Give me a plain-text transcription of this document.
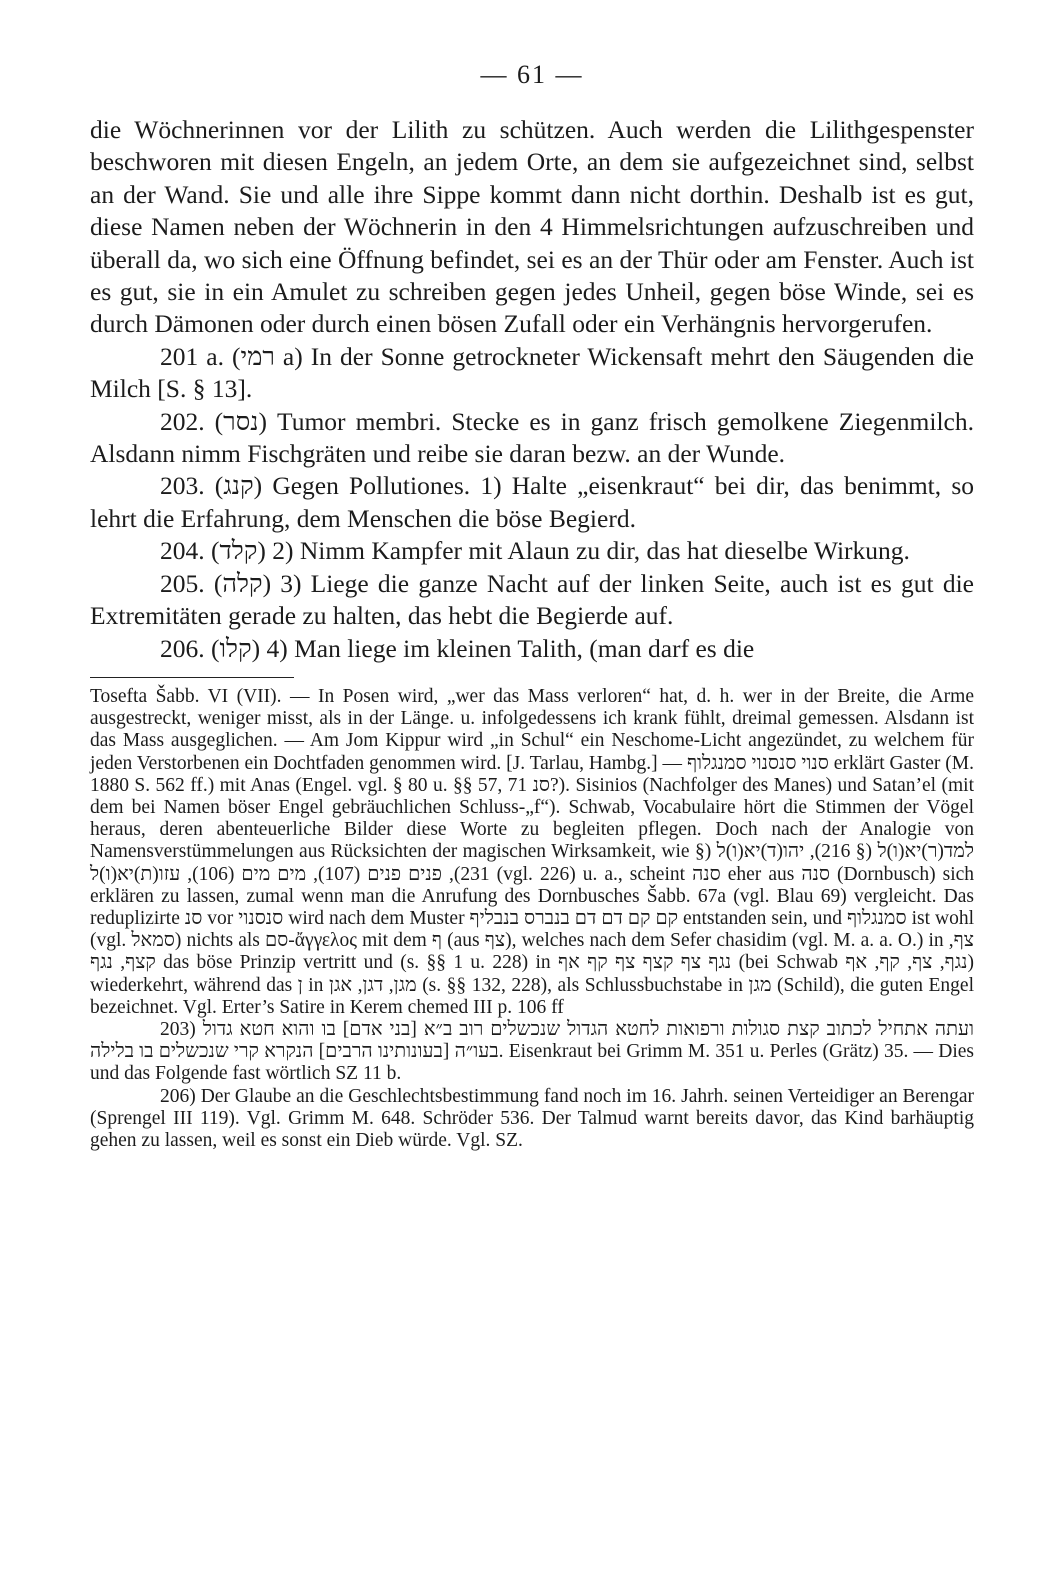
— 61 —

die Wöchnerinnen vor der Lilith zu schützen. Auch werden die Lilithgespenster beschworen mit diesen Engeln, an jedem Orte, an dem sie aufgezeichnet sind, selbst an der Wand. Sie und alle ihre Sippe kommt dann nicht dorthin. Deshalb ist es gut, diese Namen neben der Wöchnerin in den 4 Himmelsrichtungen aufzuschreiben und überall da, wo sich eine Öffnung befindet, sei es an der Thür oder am Fenster. Auch ist es gut, sie in ein Amulet zu schreiben gegen jedes Unheil, gegen böse Winde, sei es durch Dämonen oder durch einen bösen Zufall oder ein Verhängnis hervorgerufen.

201 a. (רמי a) In der Sonne getrockneter Wickensaft mehrt den Säugenden die Milch [S. § 13].

202. (נסר) Tumor membri. Stecke es in ganz frisch gemolkene Ziegenmilch. Alsdann nimm Fischgräten und reibe sie daran bezw. an der Wunde.

203. (קנג) Gegen Pollutiones. 1) Halte „eisenkraut“ bei dir, das benimmt, so lehrt die Erfahrung, dem Menschen die böse Begierd.

204. (קלד) 2) Nimm Kampfer mit Alaun zu dir, das hat dieselbe Wirkung.

205. (קלה) 3) Liege die ganze Nacht auf der linken Seite, auch ist es gut die Extremitäten gerade zu halten, das hebt die Begierde auf.

206. (קלו) 4) Man liege im kleinen Talith, (man darf es die

Tosefta Šabb. VI (VII). — In Posen wird, „wer das Mass verloren“ hat, d. h. wer in der Breite, die Arme ausgestreckt, weniger misst, als in der Länge. u. infolgedessens ich krank fühlt, dreimal gemessen. Alsdann ist das Mass ausgeglichen. — Am Jom Kippur wird „in Schul“ ein Neschome-Licht angezündet, zu welchem für jeden Verstorbenen ein Dochtfaden genommen wird. [J. Tarlau, Hambg.] — סנוי סנסנוי סמנגלוף erklärt Gaster (M. 1880 S. 562 ff.) mit Anas (Engel. vgl. § 80 u. §§ 57, 71 סנ?). Sisinios (Nachfolger des Manes) und Satan’el (mit dem bei Namen böser Engel gebräuchlichen Schluss-„f“). Schwab, Vocabulaire hört die Stimmen der Vögel heraus, deren abenteuerliche Bilder diese Worte zu begleiten pflegen. Doch nach der Analogie von Namensverstümmelungen aus Rücksichten der magischen Wirksamkeit, wie למד(ר)יא(ו)ל (§ 216), יהו(ד)יא(ו)ל (§ 231), פנים פנים (107), מים מים (106), עזו(ת)יא(ו)ל (vgl. 226) u. a., scheint סנה eher aus סנה (Dornbusch) sich erklären zu lassen, zumal wenn man die Anrufung des Dornbusches Šabb. 67a (vgl. Blau 69) vergleicht. Das reduplizirte סנ vor סנסנוי wird nach dem Muster קם קם דם דם בנברס בנבליף entstanden sein, und סמנגלוף ist wohl (vgl. סמאל) nichts als סם-ἄγγελος mit dem ף (aus צף), welches nach dem Sefer chasidim (vgl. M. a. a. O.) in צף, קצף, נגף das böse Prinzip vertritt und (s. §§ 1 u. 228) in נגף צף קצף צף קף אף (bei Schwab נגף, צף, קף, אף) wiederkehrt, während das ן in מגן, דגן, אגן (s. §§ 132, 228), als Schlussbuchstabe in מגן (Schild), die guten Engel bezeichnet. Vgl. Erter’s Satire in Kerem chemed III p. 106 ff

203) ועתה אתחיל לכתוב קצת סגולות ורפואות לחטא הגדול שנכשלים רוב ב״א [בני אדם] בו והוא חטא גדול בעו״ה [בעונותינו הרבים] הנקרא קרי שנכשלים בו בלילה. Eisenkraut bei Grimm M. 351 u. Perles (Grätz) 35. — Dies und das Folgende fast wörtlich SZ 11 b.

206) Der Glaube an die Geschlechtsbestimmung fand noch im 16. Jahrh. seinen Verteidiger an Berengar (Sprengel III 119). Vgl. Grimm M. 648. Schröder 536. Der Talmud warnt bereits davor, das Kind barhäuptig gehen zu lassen, weil es sonst ein Dieb würde. Vgl. SZ.
